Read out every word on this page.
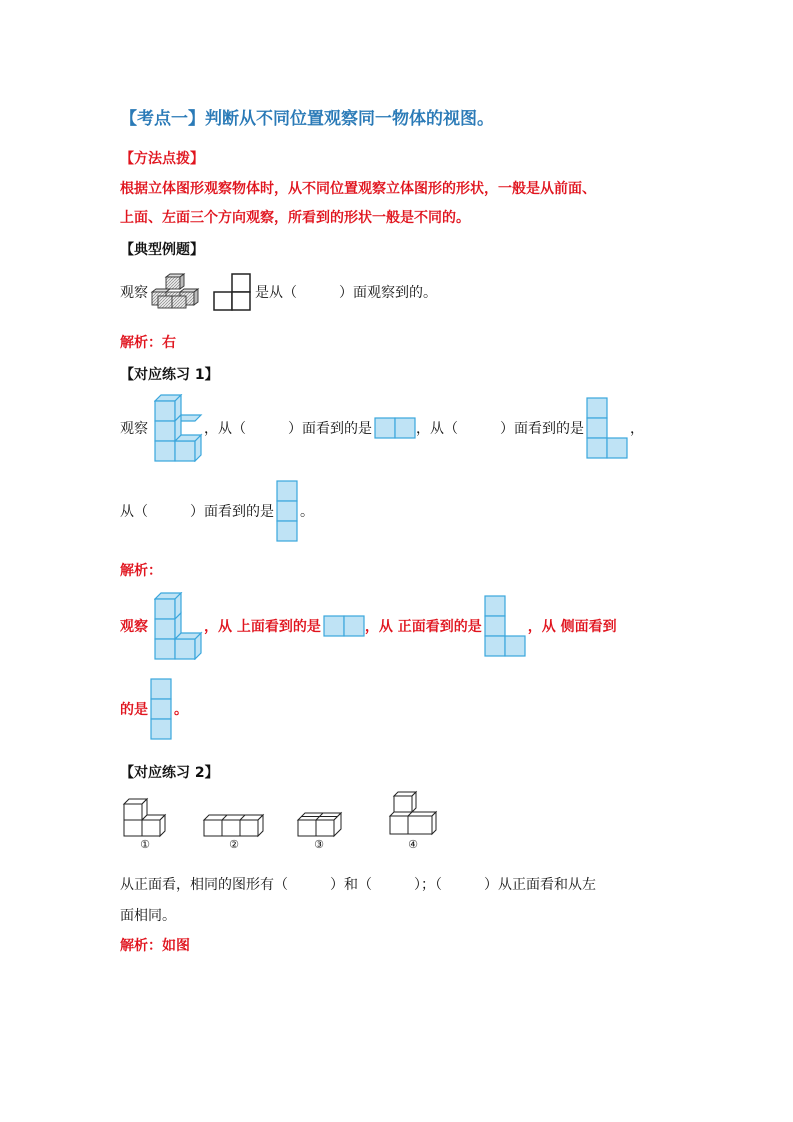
【考点一】判断从不同位置观察同一物体的视图。
【方法点拨】
根据立体图形观察物体时，从不同位置观察立体图形的形状，一般是从前面、
上面、左面三个方向观察，所看到的形状一般是不同的。
【典型例题】
观察	是从（　　　）面观察到的。
解析： 右
【对应练习 1】
观察	，从（　　　）面看到的是	，从（　　　）面看到的是	，
从（　　　）面看到的是 。
解析：
观察	，从 上面看到的是	，从 正面看到的是	，从 侧面看到
的是 。
【对应练习 2】
①	②	③	④
从正面看，相同的图形有（　　　）和（　　　）；（　　　）从正面看和从左
面相同。
解析： 如图
